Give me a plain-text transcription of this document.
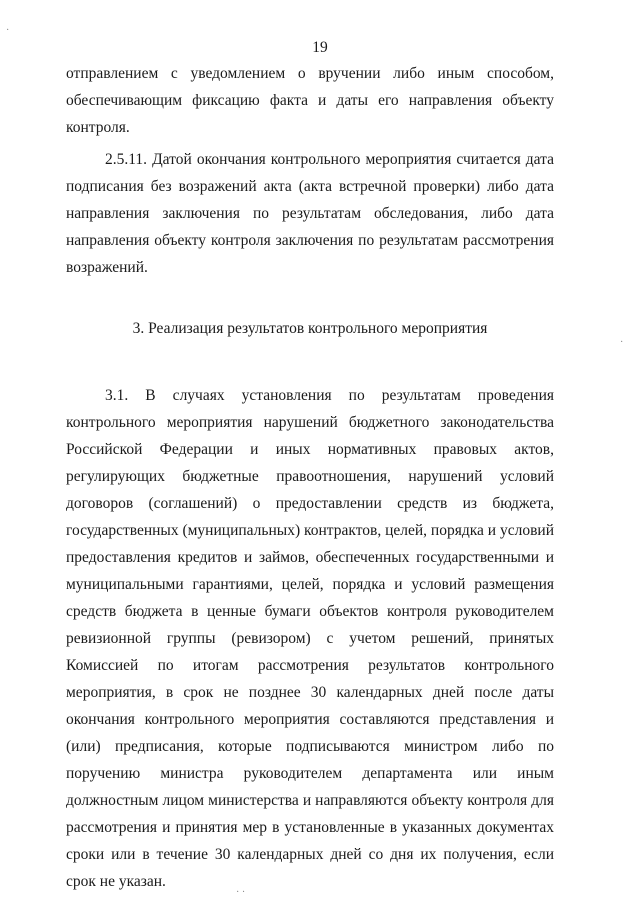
19

отправлением с уведомлением о вручении либо иным способом, обеспечивающим фиксацию факта и даты его направления объекту контроля.

2.5.11. Датой окончания контрольного мероприятия считается дата подписания без возражений акта (акта встречной проверки) либо дата направления заключения по результатам обследования, либо дата направления объекту контроля заключения по результатам рассмотрения возражений.

3. Реализация результатов контрольного мероприятия

3.1. В случаях установления по результатам проведения контрольного мероприятия нарушений бюджетного законодательства Российской Федерации и иных нормативных правовых актов, регулирующих бюджетные правоотношения, нарушений условий договоров (соглашений) о предоставлении средств из бюджета, государственных (муниципальных) контрактов, целей, порядка и условий предоставления кредитов и займов, обеспеченных государственными и муниципальными гарантиями, целей, порядка и условий размещения средств бюджета в ценные бумаги объектов контроля руководителем ревизионной группы (ревизором) с учетом решений, принятых Комиссией по итогам рассмотрения результатов контрольного мероприятия, в срок не позднее 30 календарных дней после даты окончания контрольного мероприятия составляются представления и (или) предписания, которые подписываются министром либо по поручению министра руководителем департамента или иным должностным лицом министерства и направляются объекту контроля для рассмотрения и принятия мер в установленные в указанных документах сроки или в течение 30 календарных дней со дня их получения, если срок не указан.

·
·
· ·
